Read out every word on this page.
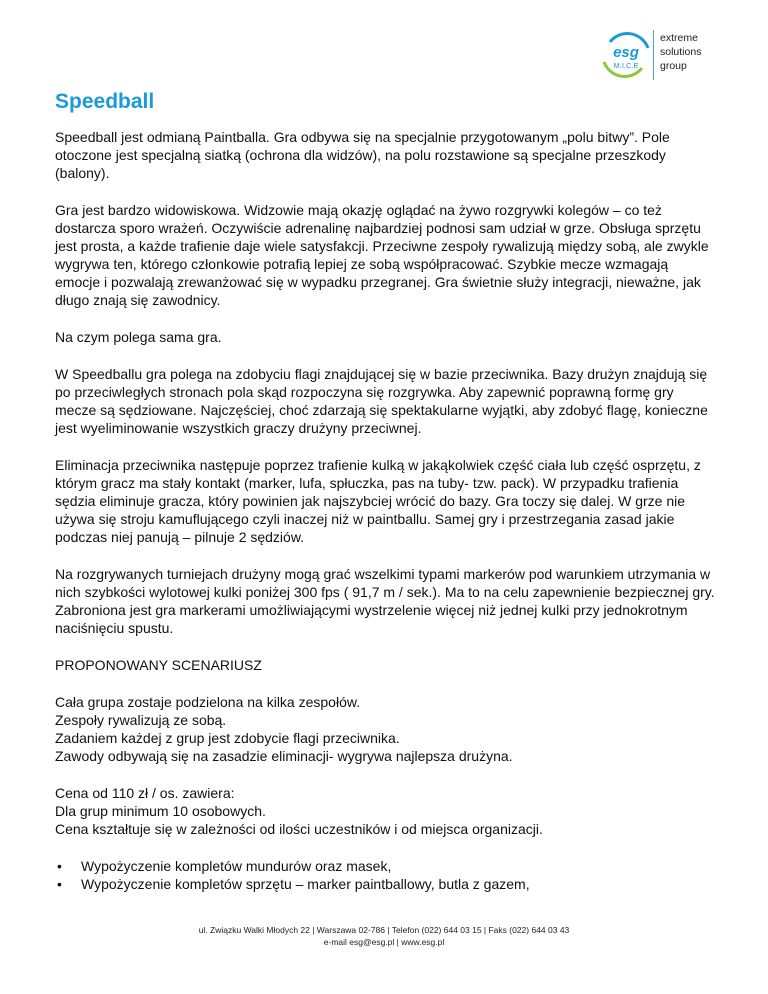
esg
M.I.C.E
extreme
solutions
group
Speedball

Speedball jest odmianą Paintballa. Gra odbywa się na specjalnie przygotowanym „polu bitwy”. Pole otoczone jest specjalną siatką (ochrona dla widzów), na polu rozstawione są specjalne przeszkody (balony).

Gra jest bardzo widowiskowa. Widzowie mają okazję oglądać na żywo rozgrywki kolegów – co też dostarcza sporo wrażeń. Oczywiście adrenalinę najbardziej podnosi sam udział w grze. Obsługa sprzętu jest prosta, a każde trafienie daje wiele satysfakcji. Przeciwne zespoły rywalizują między sobą, ale zwykle wygrywa ten, którego członkowie potrafią lepiej ze sobą współpracować. Szybkie mecze wzmagają emocje i pozwalają zrewanżować się w wypadku przegranej. Gra świetnie służy integracji, nieważne, jak długo znają się zawodnicy.

Na czym polega sama gra.

W Speedballu gra polega na zdobyciu flagi znajdującej się w bazie przeciwnika. Bazy drużyn znajdują się po przeciwległych stronach pola skąd rozpoczyna się rozgrywka. Aby zapewnić poprawną formę gry mecze są sędziowane. Najczęściej, choć zdarzają się spektakularne wyjątki, aby zdobyć flagę, konieczne jest wyeliminowanie wszystkich graczy drużyny przeciwnej.

Eliminacja przeciwnika następuje poprzez trafienie kulką w jakąkolwiek część ciała lub część osprzętu, z którym gracz ma stały kontakt (marker, lufa, spłuczka, pas na tuby- tzw. pack). W przypadku trafienia sędzia eliminuje gracza, który powinien jak najszybciej wrócić do bazy. Gra toczy się dalej. W grze nie używa się stroju kamuflującego czyli inaczej niż w paintballu. Samej gry i przestrzegania zasad jakie podczas niej panują – pilnuje 2 sędziów.

Na rozgrywanych turniejach drużyny mogą grać wszelkimi typami markerów pod warunkiem utrzymania w nich szybkości wylotowej kulki poniżej 300 fps ( 91,7 m / sek.). Ma to na celu zapewnienie bezpiecznej gry. Zabroniona jest gra markerami umożliwiającymi wystrzelenie więcej niż jednej kulki przy jednokrotnym naciśnięciu spustu.

PROPONOWANY SCENARIUSZ

Cała grupa zostaje podzielona na kilka zespołów.
Zespoły rywalizują ze sobą.
Zadaniem każdej z grup jest zdobycie flagi przeciwnika.
Zawody odbywają się na zasadzie eliminacji- wygrywa najlepsza drużyna.
Cena od 110 zł / os. zawiera:
Dla grup minimum 10 osobowych.
Cena kształtuje się w zależności od ilości uczestników i od miejsca organizacji.
• Wypożyczenie kompletów mundurów oraz masek,
• Wypożyczenie kompletów sprzętu – marker paintballowy, butla z gazem,
ul. Związku Walki Młodych 22 | Warszawa 02-786 | Telefon (022) 644 03 15 | Faks (022) 644 03 43
e-mail esg@esg.pl | www.esg.pl
